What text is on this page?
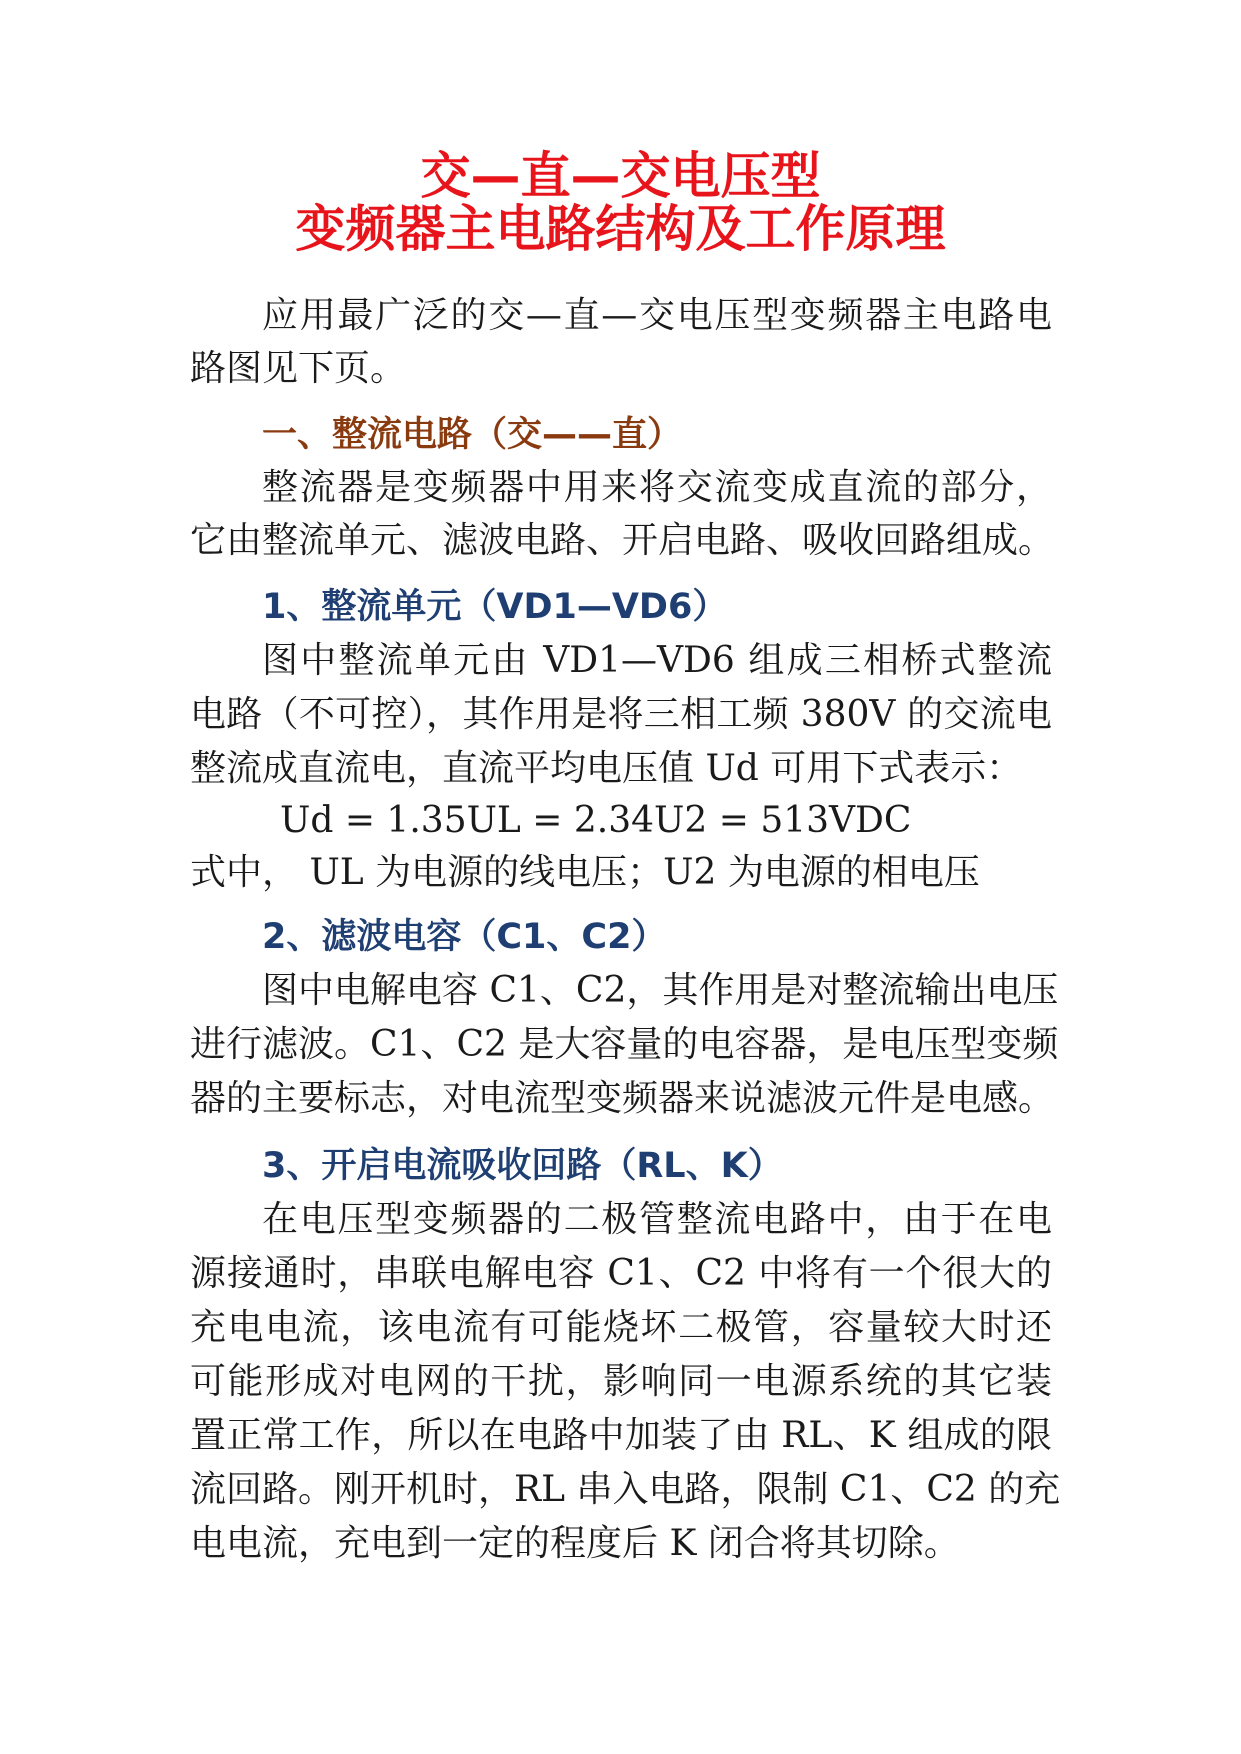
交—直—交电压型
变频器主电路结构及工作原理
应用最广泛的交—直—交电压型变频器主电路电
路图见下页。
一、整流电路（交——直）
整流器是变频器中用来将交流变成直流的部分，
它由整流单元、滤波电路、开启电路、吸收回路组成。
1、整流单元（VD1—VD6）
图中整流单元由 VD1—VD6 组成三相桥式整流
电路（不可控），其作用是将三相工频 380V 的交流电
整流成直流电，直流平均电压值 Ud 可用下式表示：
Ud = 1.35UL = 2.34U2 = 513VDC
式中， UL 为电源的线电压；U2 为电源的相电压
2、滤波电容（C1、C2）
图中电解电容 C1、C2，其作用是对整流输出电压
进行滤波。C1、C2 是大容量的电容器，是电压型变频
器的主要标志，对电流型变频器来说滤波元件是电感。
3、开启电流吸收回路（RL、K）
在电压型变频器的二极管整流电路中，由于在电
源接通时，串联电解电容 C1、C2 中将有一个很大的
充电电流，该电流有可能烧坏二极管，容量较大时还
可能形成对电网的干扰，影响同一电源系统的其它装
置正常工作，所以在电路中加装了由 RL、K 组成的限
流回路。刚开机时，RL 串入电路，限制 C1、C2 的充
电电流，充电到一定的程度后 K 闭合将其切除。
